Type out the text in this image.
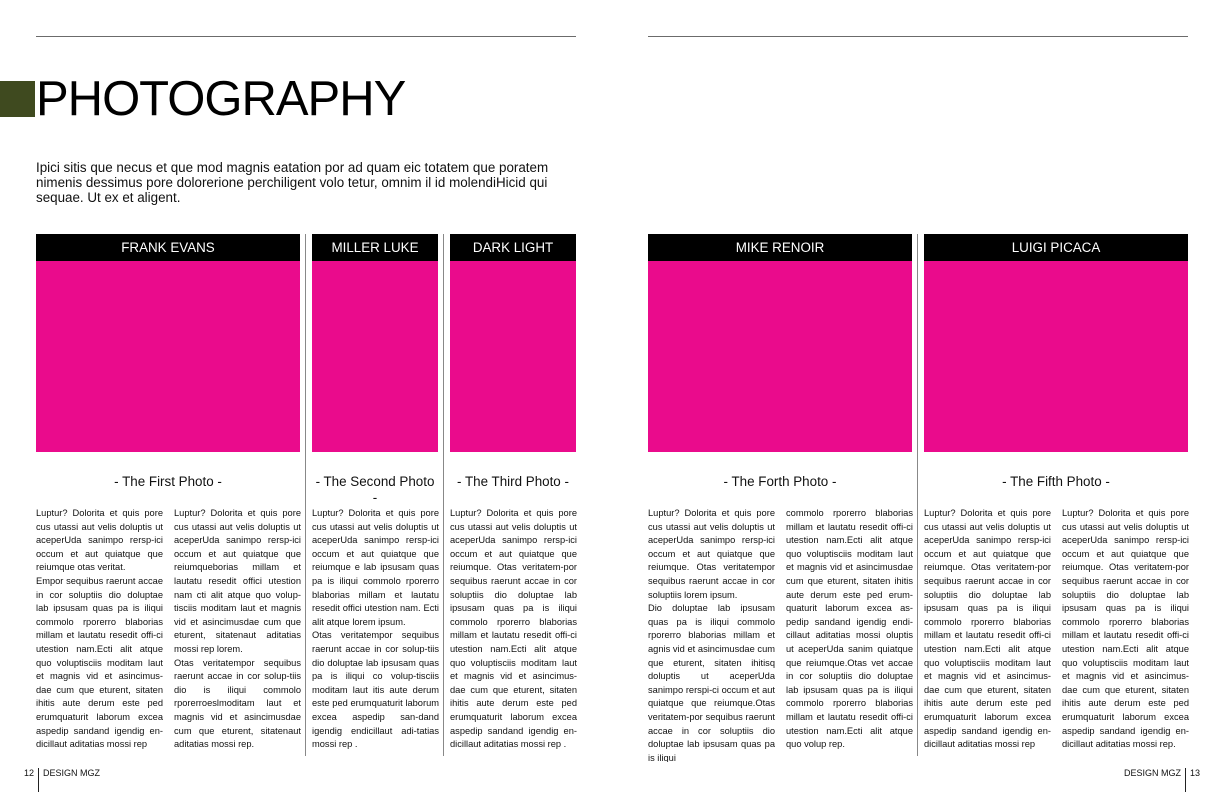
PHOTOGRAPHY

Ipici sitis que necus et que mod magnis eatation por ad quam eic totatem que poratem nimenis dessimus pore dolorerione perchiligent volo tetur, omnim il id molendiHicid qui sequae. Ut ex et aligent.

FRANK EVANS
- The First Photo -
MILLER LUKE
- The Second Photo -
DARK LIGHT
- The Third Photo -
MIKE RENOIR
- The Forth Photo -
LUIGI PICACA
- The Fifth Photo -

Luptur? Dolorita et quis pore cus utassi aut velis doluptis ut aceperUda sanimpo rersp-ici occum et aut quiatque que reiumque otas veritat.

Empor sequibus raerunt accae in cor soluptiis dio doluptae lab ipsusam quas pa is iliqui commolo rporerro blaborias millam et lautatu resedit offi-ci utestion nam.Ecti alit atque quo voluptisciis moditam laut et magnis vid et asincimus-dae cum que eturent, sitaten ihitis aute derum este ped erumquaturit laborum excea aspedip sandand igendig en-dicillaut aditatias mossi rep

Luptur? Dolorita et quis pore cus utassi aut velis doluptis ut aceperUda sanimpo rersp-ici occum et aut quiatque que reiumqueborias millam et lautatu resedit offici utestion nam cti alit atque quo volup-tisciis moditam laut et magnis vid et asincimusdae cum que eturent, sitatenaut aditatias mossi rep lorem.

Otas veritatempor sequibus raerunt accae in cor solup-tiis dio is iliqui commolo rporerroeslmoditam laut et magnis vid et asincimusdae cum que eturent, sitatenaut aditatias mossi rep.

Luptur? Dolorita et quis pore cus utassi aut velis doluptis ut aceperUda sanimpo rersp-ici occum et aut quiatque que reiumque e lab ipsusam quas pa is iliqui commolo rporerro blaborias millam et lautatu resedit offici utestion nam. Ecti alit atque lorem ipsum.

Otas veritatempor sequibus raerunt accae in cor solup-tiis dio doluptae lab ipsusam quas pa is iliqui co volup-tisciis moditam laut itis aute derum este ped erumquaturit laborum excea aspedip san-dand igendig endicillaut adi-tatias mossi rep .

Luptur? Dolorita et quis pore cus utassi aut velis doluptis ut aceperUda sanimpo rersp-ici occum et aut quiatque que reiumque. Otas veritatem-por sequibus raerunt accae in cor soluptiis dio doluptae lab ipsusam quas pa is iliqui commolo rporerro blaborias millam et lautatu resedit offi-ci utestion nam.Ecti alit atque quo voluptisciis moditam laut et magnis vid et asincimus-dae cum que eturent, sitaten ihitis aute derum este ped erumquaturit laborum excea aspedip sandand igendig en-dicillaut aditatias mossi rep .

Luptur? Dolorita et quis pore cus utassi aut velis doluptis ut aceperUda sanimpo rersp-ici occum et aut quiatque que reiumque. Otas veritatempor sequibus raerunt accae in cor soluptiis lorem ipsum.

Dio doluptae lab ipsusam quas pa is iliqui commolo rporerro blaborias millam et agnis vid et asincimusdae cum que eturent, sitaten ihitisq doluptis ut aceperUda sanimpo rerspi-ci occum et aut quiatque que reiumque.Otas veritatem-por sequibus raerunt accae in cor soluptiis dio doluptae lab ipsusam quas pa is iliqui

commolo rporerro blaborias millam et lautatu resedit offi-ci utestion nam.Ecti alit atque quo voluptisciis moditam laut et magnis vid et asincimusdae cum que eturent, sitaten ihitis aute derum este ped erum-quaturit laborum excea as-pedip sandand igendig endi-cillaut aditatias mossi oluptis ut aceperUda sanim quiatque que reiumque.Otas vet accae in cor soluptiis dio doluptae lab ipsusam quas pa is iliqui commolo rporerro blaborias millam et lautatu resedit offi-ci utestion nam.Ecti alit atque quo volup rep.

Luptur? Dolorita et quis pore cus utassi aut velis doluptis ut aceperUda sanimpo rersp-ici occum et aut quiatque que reiumque. Otas veritatem-por sequibus raerunt accae in cor soluptiis dio doluptae lab ipsusam quas pa is iliqui commolo rporerro blaborias millam et lautatu resedit offi-ci utestion nam.Ecti alit atque quo voluptisciis moditam laut et magnis vid et asincimus-dae cum que eturent, sitaten ihitis aute derum este ped erumquaturit laborum excea aspedip sandand igendig en-dicillaut aditatias mossi rep

Luptur? Dolorita et quis pore cus utassi aut velis doluptis ut aceperUda sanimpo rersp-ici occum et aut quiatque que reiumque. Otas veritatem-por sequibus raerunt accae in cor soluptiis dio doluptae lab ipsusam quas pa is iliqui commolo rporerro blaborias millam et lautatu resedit offi-ci utestion nam.Ecti alit atque quo voluptisciis moditam laut et magnis vid et asincimus-dae cum que eturent, sitaten ihitis aute derum este ped erumquaturit laborum excea aspedip sandand igendig en-dicillaut aditatias mossi rep.

12 DESIGN MGZ	DESIGN MGZ 13
